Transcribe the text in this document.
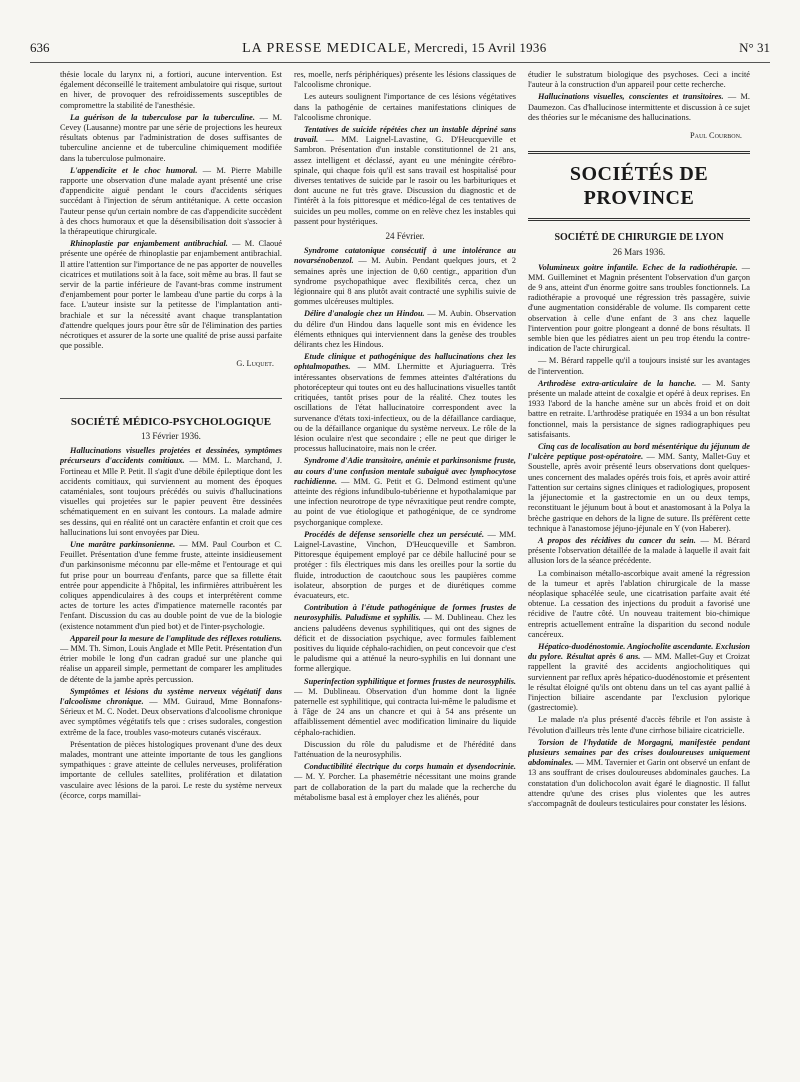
636	LA PRESSE MEDICALE, Mercredi, 15 Avril 1936	N° 31

thésie locale du larynx ni, a fortiori, aucune intervention. Est également déconseillé le traitement ambulatoire qui risque, surtout en hiver, de provoquer des refroidissements susceptibles de compromettre la stabilité de l'anesthésie.

La guérison de la tuberculose par la tuberculine. — M. Cevey (Lausanne) montre par une série de projections les heureux résultats obtenus par l'administration de doses suffisantes de tuberculine ancienne et de tuberculine chimiquement modifiée dans la tuberculose pulmonaire.

L'appendicite et le choc humoral. — M. Pierre Mabille rapporte une observation d'une malade ayant présenté une crise d'appendicite aiguë pendant le cours d'accidents sériques succédant à l'injection de sérum antitétanique. A cette occasion l'auteur pense qu'un certain nombre de cas d'appendicite succèdent à des chocs humoraux et que la désensibilisation doit s'associer à la thérapeutique chirurgicale.

Rhinoplastie par enjambement antibrachial. — M. Claoué présente une opérée de rhinoplastie par enjambement antibrachial. Il attire l'attention sur l'importance de ne pas apporter de nouvelles cicatrices et mutilations soit à la face, soit même au bras. Il faut se servir de la partie inférieure de l'avant-bras comme instrument d'enjambement pour porter le lambeau d'une partie du corps à la face. L'auteur insiste sur la petitesse de l'implantation anti-brachiale et sur la nécessité avant chaque transplantation d'attendre quelques jours pour être sûr de l'élimination des parties nécrotiques et assurer de la sorte une qualité de prise aussi parfaite que possible.

G. Luquet.
SOCIÉTÉ MÉDICO-PSYCHOLOGIQUE
13 Février 1936.

Hallucinations visuelles projetées et dessinées, symptômes précurseurs d'accidents comitiaux. — MM. L. Marchand, J. Fortineau et Mlle P. Petit. Il s'agit d'une débile épileptique dont les accidents comitiaux, qui surviennent au moment des époques cataméniales, sont toujours précédés ou suivis d'hallucinations visuelles qui projetées sur le papier peuvent être dessinées schématiquement en en suivant les contours. La malade admire ses dessins, qui en réalité ont un caractère enfantin et croit que ces hallucinations lui sont envoyées par Dieu.

Une marâtre parkinsonienne. — MM. Paul Courbon et C. Feuillet. Présentation d'une femme fruste, atteinte insidieusement d'un parkinsonisme méconnu par elle-même et l'entourage et qui fut prise pour un bourreau d'enfants, parce que sa fillette était entrée pour appendicite à l'hôpital, les infirmières attribuèrent les coliques appendiculaires à des coups et interprétèrent comme actes de torture les actes d'impatience maternelle racontés par l'enfant. Discussion du cas au double point de vue de la biologie (existence notamment d'un pied bot) et de l'inter-psychologie.

Appareil pour la mesure de l'amplitude des réflexes rotuliens. — MM. Th. Simon, Louis Anglade et Mlle Petit. Présentation d'un étrier mobile le long d'un cadran gradué sur une planche qui réalise un appareil simple, permettant de comparer les amplitudes de détente de la jambe après percussion.

Symptômes et lésions du système nerveux végétatif dans l'alcoolisme chronique. — MM. Guiraud, Mme Bonnafons-Sérieux et M. C. Nodet. Deux observations d'alcoolisme chronique avec symptômes végétatifs tels que : crises sudorales, congestion extrême de la face, troubles vaso-moteurs cutanés viscéraux.

Présentation de pièces histologiques provenant d'une des deux malades, montrant une atteinte importante de tous les ganglions sympathiques : grave atteinte de cellules nerveuses, prolifération importante de cellules satellites, prolifération et dilatation vasculaire avec lésions de la paroi. Le reste du système nerveux (écorce, corps mamillai-

res, moelle, nerfs périphériques) présente les lésions classiques de l'alcoolisme chronique.

Les auteurs soulignent l'importance de ces lésions végétatives dans la pathogénie de certaines manifestations cliniques de l'alcoolisme chronique.

Tentatives de suicide répétées chez un instable dépriné sans travail. — MM. Laignel-Lavastine, G. D'Heucqueville et Sambron. Présentation d'un instable constitutionnel de 21 ans, assez intelligent et déclassé, ayant eu une méningite cérébro-spinale, qui chaque fois qu'il est sans travail est hospitalisé pour diverses tentatives de suicide par le rasoir ou les barbituriques et dont aucune ne fut très grave. Discussion du diagnostic et de l'intérêt à la fois pittoresque et médico-légal de ces tentatives de suicides un peu molles, comme on en relève chez les instables qui passent pour hystériques.

24 Février.

Syndrome catatonique consécutif à une intolérance au novarsénobenzol. — M. Aubin. Pendant quelques jours, et 2 semaines après une injection de 0,60 centigr., apparition d'un syndrome psychopathique avec flexibilités cerca, chez un légionnaire qui 8 ans plutôt avait contracté une syphilis suivie de gommes ulcéreuses multiples.

Délire d'analogie chez un Hindou. — M. Aubin. Observation du délire d'un Hindou dans laquelle sont mis en évidence les éléments ethniques qui interviennent dans la genèse des troubles délirants chez les Hindous.

Etude clinique et pathogénique des hallucinations chez les ophtalmopathes. — MM. Lhermitte et Ajuriaguerra. Très intéressantes observations de femmes atteintes d'altérations du photorécepteur qui toutes ont eu des hallucinations visuelles tantôt critiquées, tantôt prises pour de la réalité. Chez toutes les oscillations de l'état hallucinatoire correspondent avec la survenance d'états toxi-infectieux, ou de la défaillance cardiaque, ou de la défaillance organique du système nerveux. Le rôle de la lésion oculaire n'est que secondaire ; elle ne peut que diriger le processus hallucinatoire, mais non le créer.

Syndrome d'Adie transitoire, anémie et parkinsonisme fruste, au cours d'une confusion mentale subaiguë avec lymphocytose rachidienne. — MM. G. Petit et G. Delmond estiment qu'une atteinte des régions infundibulo-tubérienne et hypothalamique par une infection neurotrope de type névraxitique peut rendre compte, au point de vue étiologique et pathogénique, de ce syndrome psychorganique complexe.

Procédés de défense sensorielle chez un persécuté. — MM. Laignel-Lavastine, Vinchon, D'Heucqueville et Sambron. Pittoresque équipement employé par ce débile halluciné pour se protéger : fils électriques mis dans les oreilles pour la sortie du fluide, introduction de caoutchouc sous les paupières comme isolateur, absorption de purges et de diurétiques comme évacuateurs, etc.

Contribution à l'étude pathogénique de formes frustes de neurosyphilis. Paludisme et syphilis. — M. Dublineau. Chez les anciens paludéens devenus syphilitiques, qui ont des signes de déficit et de dissociation psychique, avec formules faiblement positives du liquide céphalo-rachidien, on peut concevoir que c'est le paludisme qui a atténué la neuro-syphilis en lui donnant une forme allergique.

Superinfection syphilitique et formes frustes de neurosyphilis. — M. Dublineau. Observation d'un homme dont la lignée paternelle est syphilitique, qui contracta lui-même le paludisme et à l'âge de 24 ans un chancre et qui à 54 ans présente un affaiblissement démentiel avec modification liminaire du liquide céphalo-rachidien.

Discussion du rôle du paludisme et de l'hérédité dans l'atténuation de la neurosyphilis.

Conductibilité électrique du corps humain et dysendocrinie. — M. Y. Porcher. La phasemétrie nécessitant une moins grande part de collaboration de la part du malade que la recherche du métabolisme basal est à employer chez les aliénés, pour

étudier le substratum biologique des psychoses. Ceci a incité l'auteur à la construction d'un appareil pour cette recherche.

Hallucinations visuelles, conscientes et transitoires. — M. Daumezon. Cas d'hallucinose intermittente et discussion à ce sujet des théories sur le mécanisme des hallucinations.

Paul Courbon.
SOCIÉTÉS DE PROVINCE
SOCIÉTÉ DE CHIRURGIE DE LYON
26 Mars 1936.

Volumineux goitre infantile. Echec de la radiothérapie. — MM. Guilleminet et Magnin présentent l'observation d'un garçon de 9 ans, atteint d'un énorme goitre sans troubles fonctionnels. La radiothérapie a provoqué une régression très passagère, suivie d'une augmentation considérable de volume. Ils comparent cette observation à celle d'une enfant de 3 ans chez laquelle l'intervention pour goitre plongeant a donné de bons résultats. Il semble bien que les pédiatres aient un peu trop étendu la contre-indication de l'acte chirurgical.

— M. Bérard rappelle qu'il a toujours insisté sur les avantages de l'intervention.

Arthrodèse extra-articulaire de la hanche. — M. Santy présente un malade atteint de coxalgie et opéré à deux reprises. En 1933 l'abord de la hanche amène sur un abcès froid et on doit battre en retraite. L'arthrodèse pratiquée en 1934 a un bon résultat fonctionnel, mais la persistance de signes radiographiques peu satisfaisants.

Cinq cas de localisation au bord mésentérique du jéjunum de l'ulcère peptique post-opératoire. — MM. Santy, Mallet-Guy et Soustelle, après avoir présenté leurs observations dont quelques-unes concernent des malades opérés trois fois, et après avoir attiré l'attention sur certains signes cliniques et radiologiques, proposent la jéjunectomie et la gastrectomie en un ou deux temps, reconstituant le jéjunum bout à bout et anastomosant à la Polya la brèche gastrique en dehors de la ligne de suture. Ils préfèrent cette technique à l'anastomose jéjuno-jéjunale en Y (von Haberer).

A propos des récidives du cancer du sein. — M. Bérard présente l'observation détaillée de la malade à laquelle il avait fait allusion lors de la séance précédente.

La combinaison métallo-ascorbique avait amené la régression de la tumeur et après l'ablation chirurgicale de la masse néoplasique sphacélée seule, une cicatrisation parfaite avait été obtenue. La cessation des injections du produit a favorisé une récidive de l'autre côté. Un nouveau traitement bio-chimique entrepris actuellement entraîne la disparition du second nodule cancéreux.

Hépatico-duodénostomie. Angiocholite ascendante. Exclusion du pylore. Résultat après 6 ans. — MM. Mallet-Guy et Croizat rappellent la gravité des accidents angiocholitiques qui surviennent par reflux après hépatico-duodénostomie et présentent le résultat éloigné qu'ils ont obtenu dans un tel cas ayant pallié à l'injection biliaire ascendante par l'exclusion pylorique (gastrectomie).

Le malade n'a plus présenté d'accès fébrile et l'on assiste à l'évolution d'ailleurs très lente d'une cirrhose biliaire cicatricielle.

Torsion de l'hydatide de Morgagni, manifestée pendant plusieurs semaines par des crises douloureuses uniquement abdominales. — MM. Tavernier et Garin ont observé un enfant de 13 ans souffrant de crises douloureuses abdominales gauches. La constatation d'un dolichocolon avait égaré le diagnostic. Il fallut attendre qu'une des crises plus violentes que les autres s'accompagnât de douleurs testiculaires pour constater les lésions.
